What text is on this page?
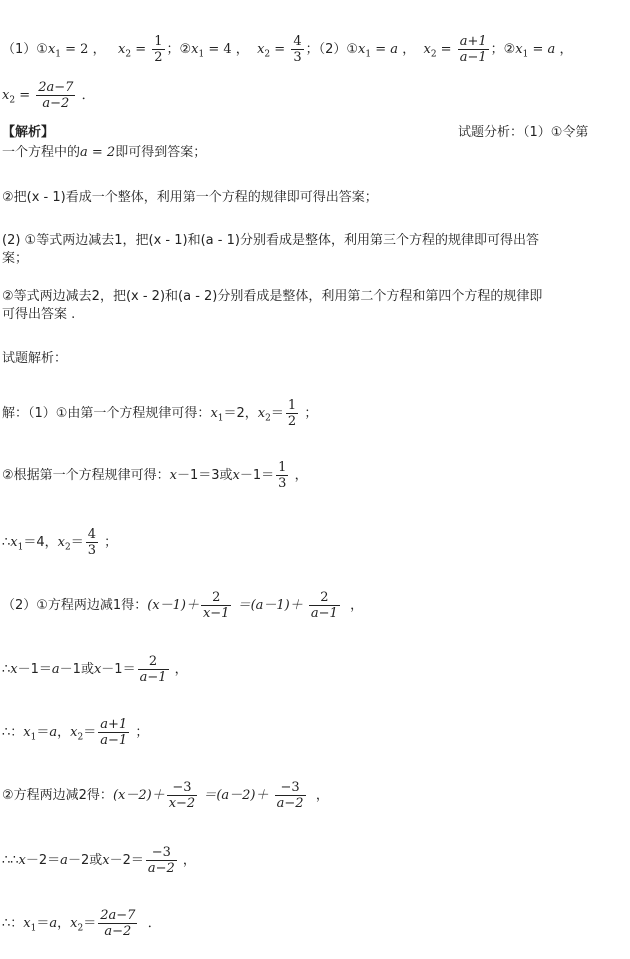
$(1)①x_1 = 2$ ， $x_2 = \frac{1}{2}$ ；$②x_1 = 4$ ， $x_2 = \frac{4}{3}$ ；$(2)①x_1 = a$ ， $x_2 = \frac{a+1}{a-1}$ ；$②x_1 = a$ ，
$x_2 = \frac{2a-7}{a-2}$ ．
【解析】	试题分析：（1）①令第
一个方程中的a = 2即可得到答案；
②把(x - 1)看成一个整体，利用第一个方程的规律即可得出答案；
(2) ①等式两边减去1，把(x - 1)和(a - 1)分别看成是整体，利用第三个方程的规律即可得出答
案；
②等式两边减去2，把(x - 2)和(a - 2)分别看成是整体，利用第二个方程和第四个方程的规律即
可得出答案 .
试题解析：
解：（1）①由第一个方程规律可得：$x_1=2$，$x_2= \frac{1}{2}$ ；
②根据第一个方程规律可得：x－1＝3或$x-1= \frac{1}{3}$ ，
$\therefore x_1=4$，$x_2= \frac{4}{3}$ ；
（2）①方程两边减1得：$(x-1)+ \frac{2}{x-1} =(a-1)+ \frac{2}{a-1}$ ，
∴x－1＝a－1或$x-1= \frac{2}{a-1}$ ，
∴：$x_1=a$，$x_2= \frac{a+1}{a-1}$ ；
②方程两边减2得：$(x-2)+ \frac{-3}{x-2} =(a-2)+ \frac{-3}{a-2}$ ，
∴∴x－2＝a－2或$x-2= \frac{-3}{a-2}$ ，
∴：$x_1=a$，$x_2= \frac{2a-7}{a-2}$ ．
